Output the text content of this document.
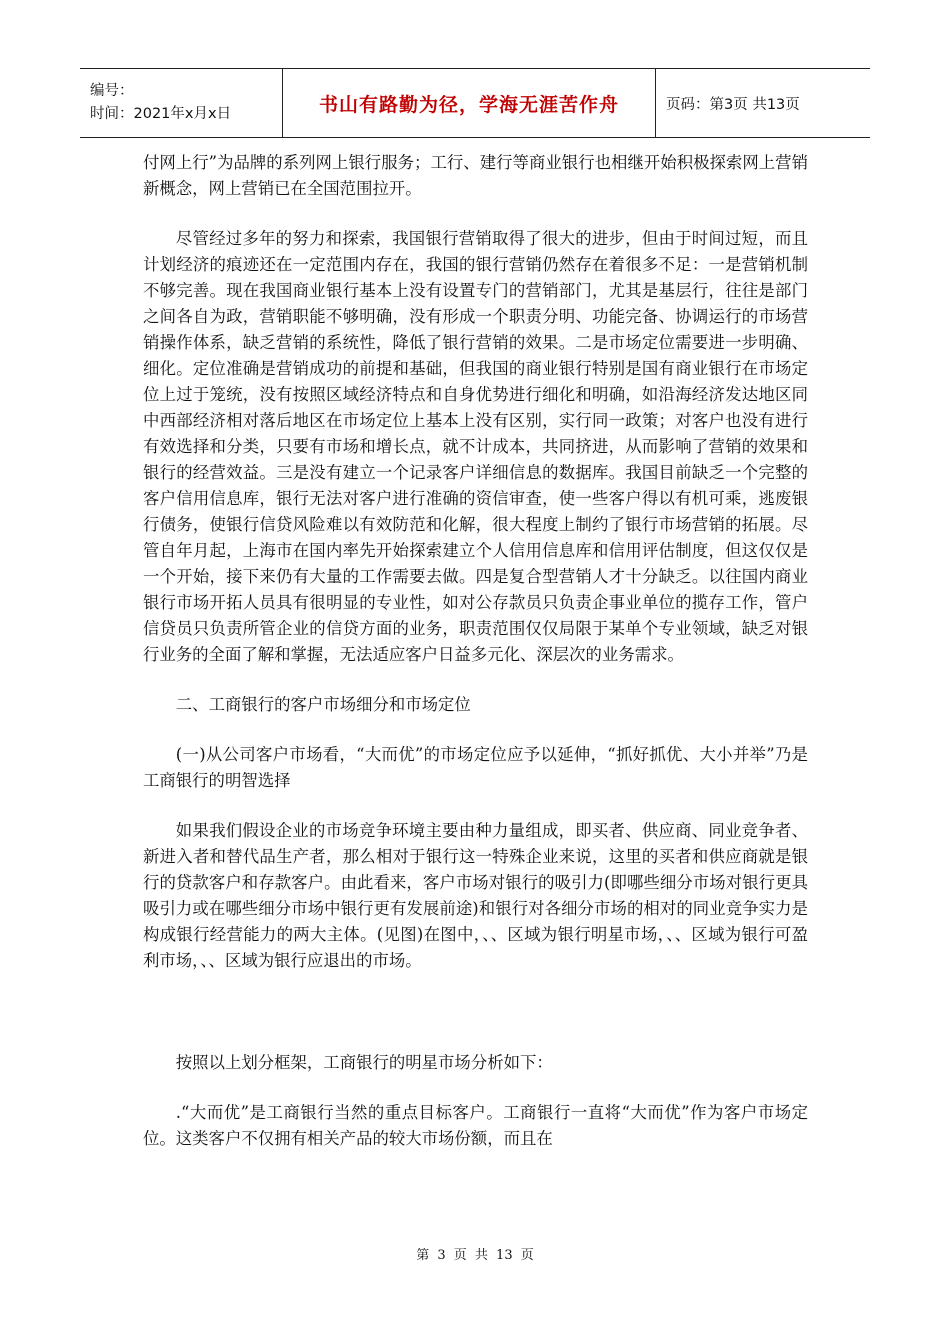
编号：
时间：2021年x月x日	书山有路勤为径，学海无涯苦作舟	页码：第3页 共13页

付网上行”为品牌的系列网上银行服务；工行、建行等商业银行也相继开始积极探索网上营销新概念，网上营销已在全国范围拉开。

尽管经过多年的努力和探索，我国银行营销取得了很大的进步，但由于时间过短，而且计划经济的痕迹还在一定范围内存在，我国的银行营销仍然存在着很多不足：一是营销机制不够完善。现在我国商业银行基本上没有设置专门的营销部门，尤其是基层行，往往是部门之间各自为政，营销职能不够明确，没有形成一个职责分明、功能完备、协调运行的市场营销操作体系，缺乏营销的系统性，降低了银行营销的效果。二是市场定位需要进一步明确、细化。定位准确是营销成功的前提和基础，但我国的商业银行特别是国有商业银行在市场定位上过于笼统，没有按照区域经济特点和自身优势进行细化和明确，如沿海经济发达地区同中西部经济相对落后地区在市场定位上基本上没有区别，实行同一政策；对客户也没有进行有效选择和分类，只要有市场和增长点，就不计成本，共同挤进，从而影响了营销的效果和银行的经营效益。三是没有建立一个记录客户详细信息的数据库。我国目前缺乏一个完整的客户信用信息库，银行无法对客户进行准确的资信审查，使一些客户得以有机可乘，逃废银行债务，使银行信贷风险难以有效防范和化解，很大程度上制约了银行市场营销的拓展。尽管自年月起，上海市在国内率先开始探索建立个人信用信息库和信用评估制度，但这仅仅是一个开始，接下来仍有大量的工作需要去做。四是复合型营销人才十分缺乏。以往国内商业银行市场开拓人员具有很明显的专业性，如对公存款员只负责企事业单位的揽存工作，管户信贷员只负责所管企业的信贷方面的业务，职责范围仅仅局限于某单个专业领域，缺乏对银行业务的全面了解和掌握，无法适应客户日益多元化、深层次的业务需求。

二、工商银行的客户市场细分和市场定位

(一)从公司客户市场看，“大而优”的市场定位应予以延伸，“抓好抓优、大小并举”乃是工商银行的明智选择

如果我们假设企业的市场竞争环境主要由种力量组成，即买者、供应商、同业竞争者、新进入者和替代品生产者，那么相对于银行这一特殊企业来说，这里的买者和供应商就是银行的贷款客户和存款客户。由此看来，客户市场对银行的吸引力(即哪些细分市场对银行更具吸引力或在哪些细分市场中银行更有发展前途)和银行对各细分市场的相对的同业竞争实力是构成银行经营能力的两大主体。(见图)在图中，、、区域为银行明星市场，、、区域为银行可盈利市场，、、区域为银行应退出的市场。

按照以上划分框架，工商银行的明星市场分析如下：

.“大而优”是工商银行当然的重点目标客户。工商银行一直将“大而优”作为客户市场定位。这类客户不仅拥有相关产品的较大市场份额，而且在

第 3 页 共 13 页
